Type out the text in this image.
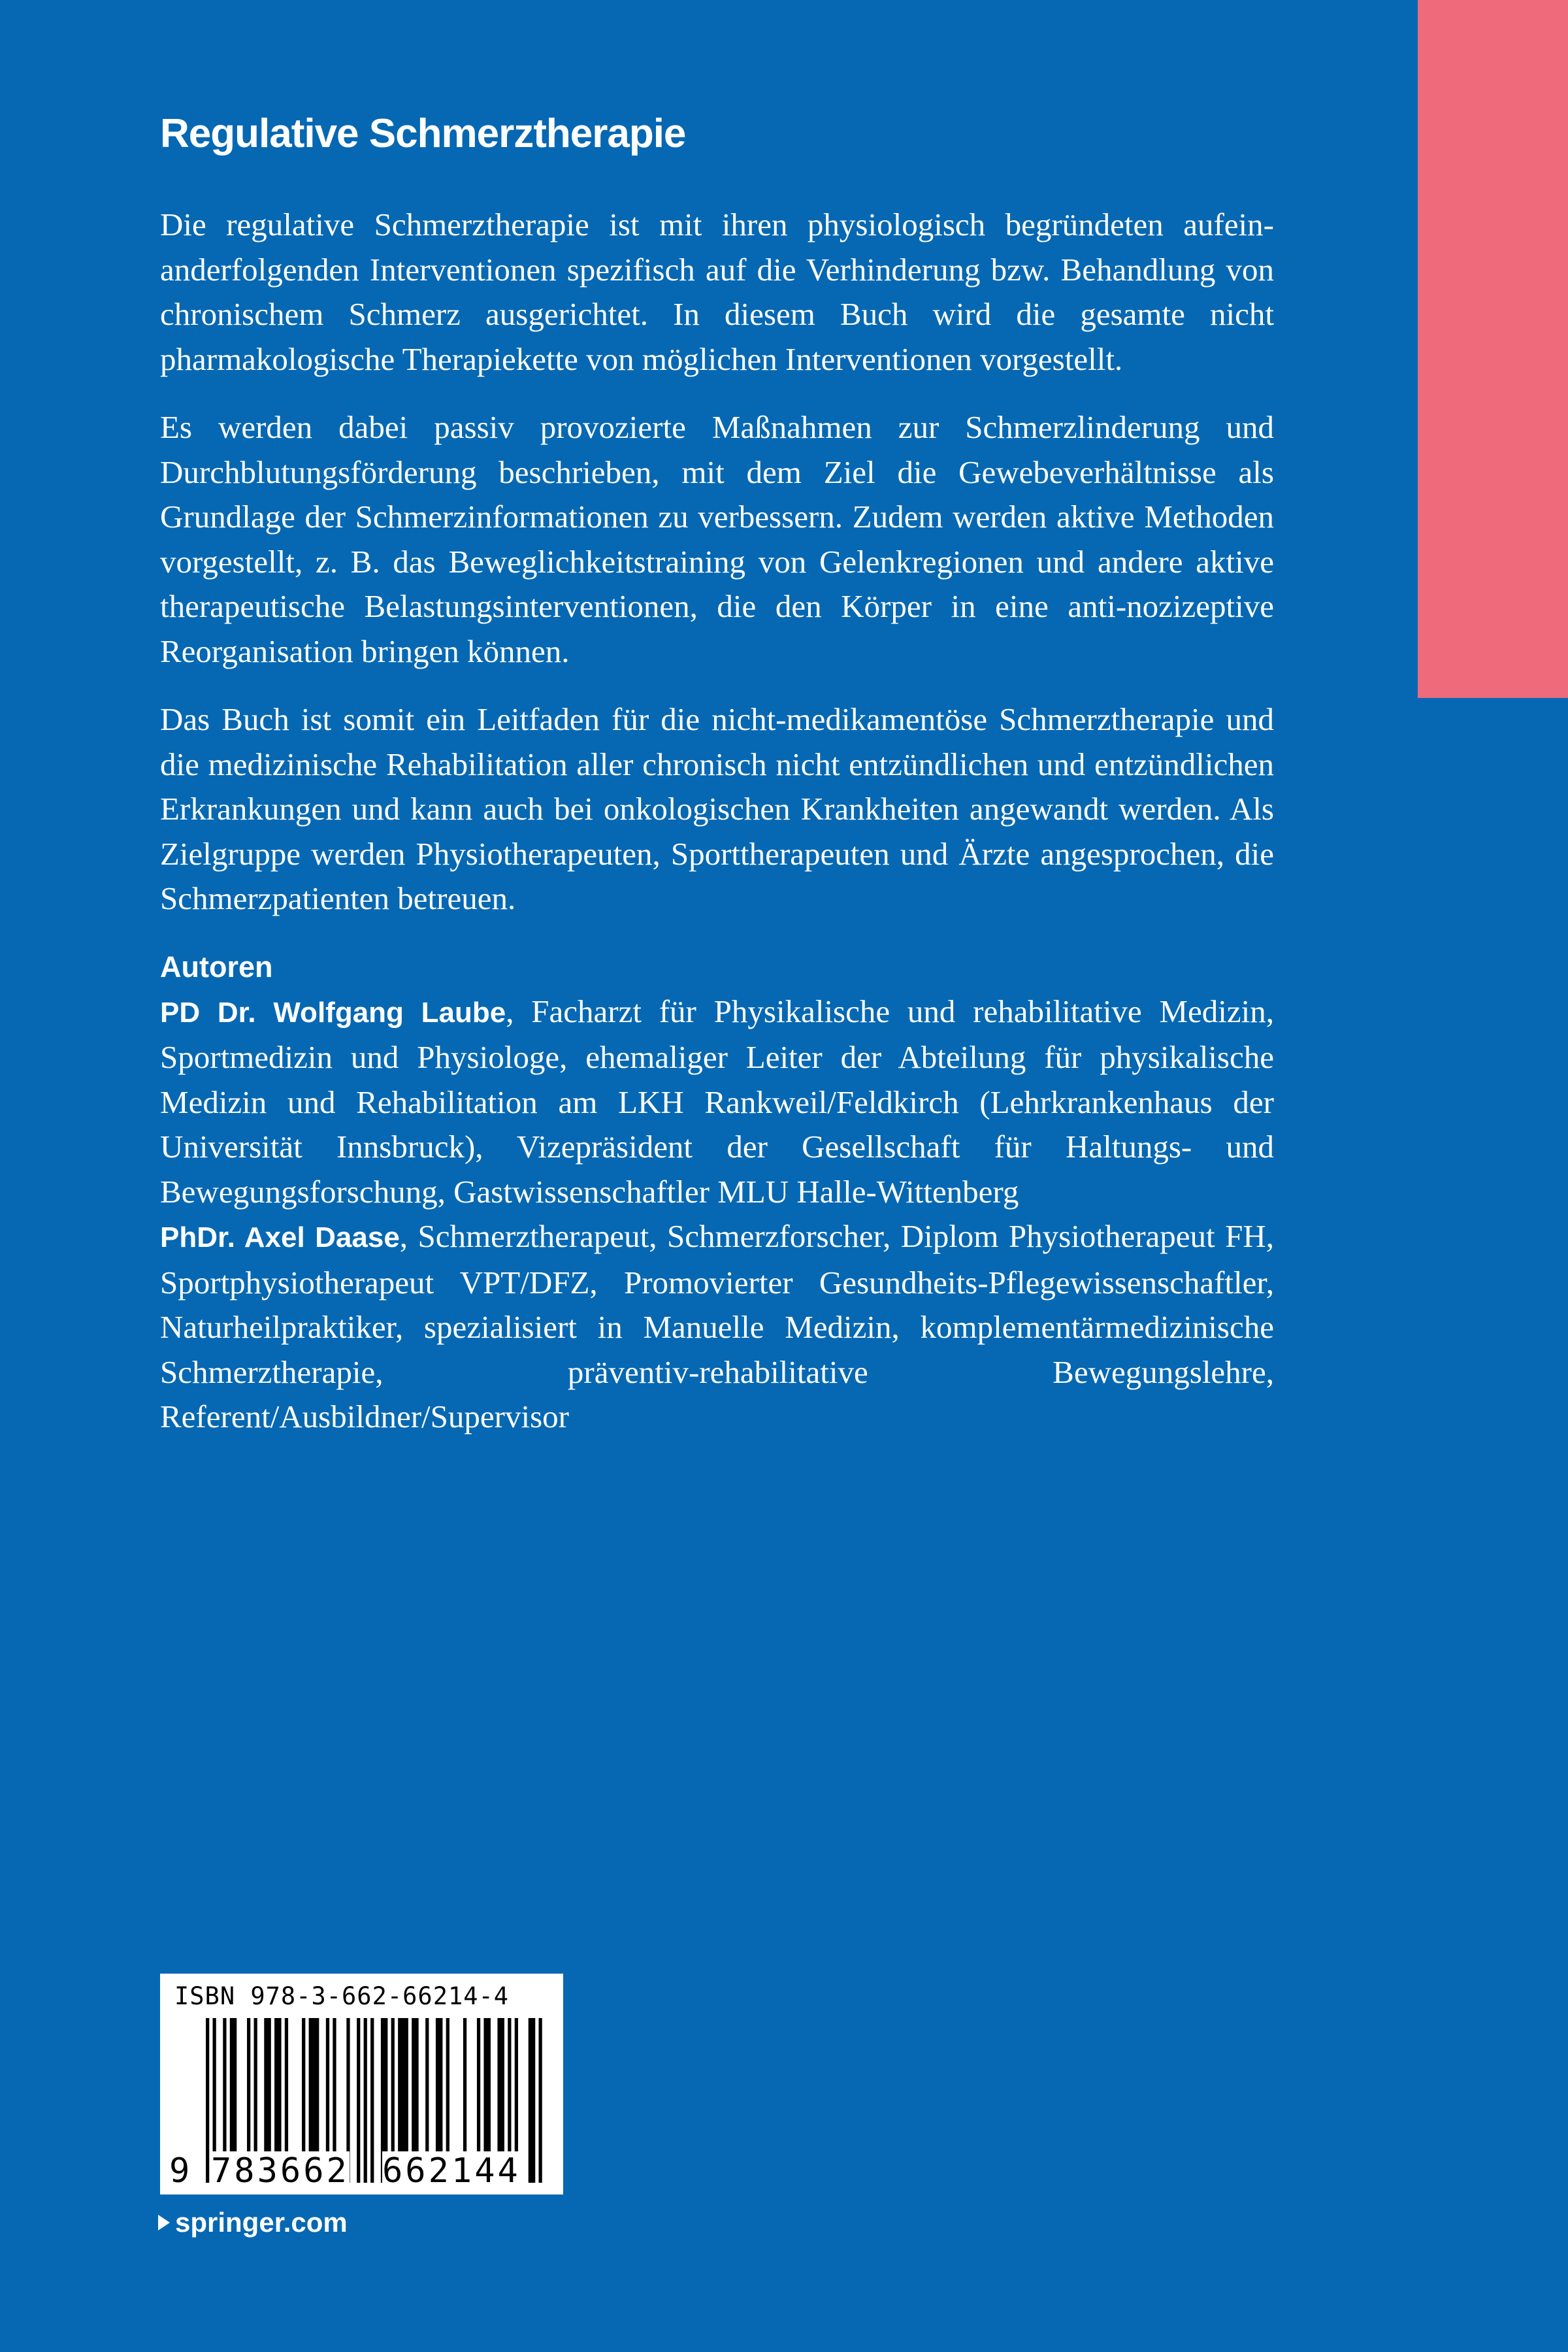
Regulative Schmerztherapie

Die regulative Schmerztherapie ist mit ihren physiologisch begründeten aufeinanderfolgenden Interventionen spezifisch auf die Verhinderung bzw. Behandlung von chronischem Schmerz ausgerichtet. In diesem Buch wird die gesamte nicht pharmakologische Therapiekette von möglichen Interventionen vorgestellt.

Es werden dabei passiv provozierte Maßnahmen zur Schmerzlinderung und Durchblutungsförderung beschrieben, mit dem Ziel die Gewebeverhältnisse als Grundlage der Schmerzinformationen zu verbessern. Zudem werden aktive Methoden vorgestellt, z. B. das Beweglichkeitstraining von Gelenkregionen und andere aktive therapeutische Belastungsinterventionen, die den Körper in eine anti-nozizeptive Reorganisation bringen können.

Das Buch ist somit ein Leitfaden für die nicht-medikamentöse Schmerztherapie und die medizinische Rehabilitation aller chronisch nicht entzündlichen und entzündlichen Erkrankungen und kann auch bei onkologischen Krankheiten angewandt werden. Als Zielgruppe werden Physiotherapeuten, Sporttherapeuten und Ärzte angesprochen, die Schmerzpatienten betreuen.

Autoren

PD Dr. Wolfgang Laube, Facharzt für Physikalische und rehabilitative Medizin, Sportmedizin und Physiologe, ehemaliger Leiter der Abteilung für physikalische Medizin und Rehabilitation am LKH Rankweil/Feldkirch (Lehrkrankenhaus der Universität Innsbruck), Vizepräsident der Gesellschaft für Haltungs- und Bewegungsforschung, Gastwissenschaftler MLU Halle-Wittenberg

PhDr. Axel Daase, Schmerztherapeut, Schmerzforscher, Diplom Physiotherapeut FH, Sportphysiotherapeut VPT/DFZ, Promovierter Gesundheits-Pflegewissenschaftler, Naturheilpraktiker, spezialisiert in Manuelle Medizin, komplementärmedizinische Schmerztherapie, präventiv-rehabilitative Bewegungslehre, Referent/Ausbildner/Supervisor

ISBN 978-3-662-66214-4
9 783662 662144
springer.com
